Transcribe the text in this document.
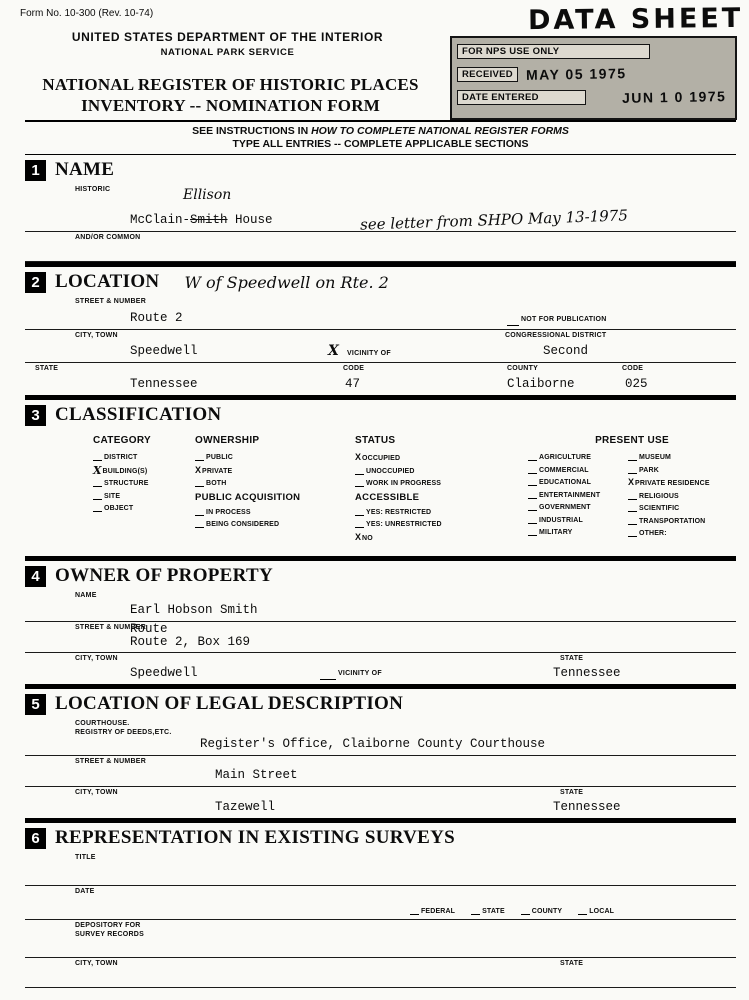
Form No. 10-300 (Rev. 10-74)
UNITED STATES DEPARTMENT OF THE INTERIOR
NATIONAL PARK SERVICE
NATIONAL REGISTER OF HISTORIC PLACES
INVENTORY -- NOMINATION FORM
DATA SHEET
FOR NPS USE ONLY
RECEIVED MAY 05 1975
DATE ENTERED	JUN 1 0 1975
SEE INSTRUCTIONS IN HOW TO COMPLETE NATIONAL REGISTER FORMS
TYPE ALL ENTRIES -- COMPLETE APPLICABLE SECTIONS
1 NAME
HISTORIC	Ellison
McClain-Smith House	see letter from SHPO May 13-1975
AND/OR COMMON
2 LOCATION W of Speedwell on Rte. 2
STREET & NUMBER
Route 2	NOT FOR PUBLICATION
CITY, TOWN
Speedwell	X VICINITY OF
CONGRESSIONAL DISTRICT
Second
STATE
Tennessee
CODE
47
COUNTY
Claiborne
CODE
025
3 CLASSIFICATION
CATEGORY
DISTRICT
X BUILDING(S)
STRUCTURE
SITE
OBJECT
OWNERSHIP
PUBLIC
X PRIVATE
BOTH
PUBLIC ACQUISITION
IN PROCESS
BEING CONSIDERED
STATUS
X OCCUPIED
UNOCCUPIED
WORK IN PROGRESS
ACCESSIBLE
YES: RESTRICTED
YES: UNRESTRICTED
X NO
PRESENT USE
AGRICULTURE
COMMERCIAL
EDUCATIONAL
ENTERTAINMENT
GOVERNMENT
INDUSTRIAL
MILITARY
MUSEUM
PARK
X PRIVATE RESIDENCE
RELIGIOUS
SCIENTIFIC
TRANSPORTATION
OTHER:
4 OWNER OF PROPERTY
NAME
Earl Hobson Smith
STREET & NUMBER
Route
Route 2, Box 169
CITY, TOWN
Speedwell	VICINITY OF
STATE
Tennessee
5 LOCATION OF LEGAL DESCRIPTION
COURTHOUSE.
REGISTRY OF DEEDS,ETC.
Register's Office, Claiborne County Courthouse
STREET & NUMBER
Main Street
CITY, TOWN
Tazewell
STATE
Tennessee
6 REPRESENTATION IN EXISTING SURVEYS
TITLE
DATE
FEDERAL	STATE	COUNTY	LOCAL
DEPOSITORY FOR
SURVEY RECORDS
CITY, TOWN	STATE
